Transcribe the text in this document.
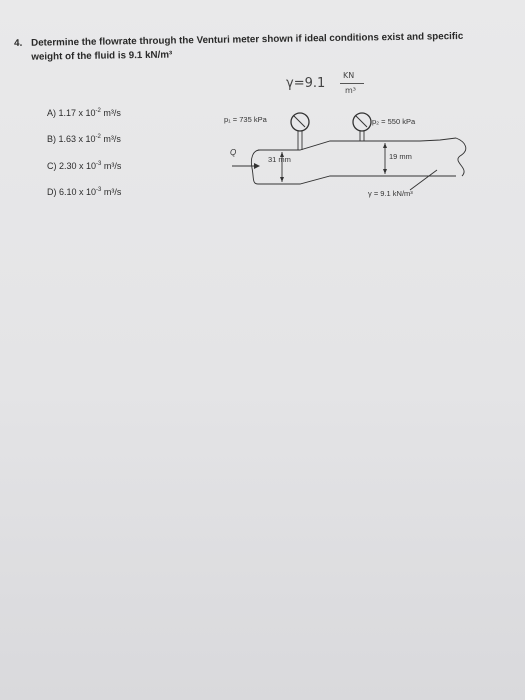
4. Determine the flowrate through the Venturi meter shown if ideal conditions exist and specific
weight of the fluid is 9.1 kN/m³
γ=9.1
KN
m³
A) 1.17 x $10^{-2}$ m³/s
B) 1.63 x $10^{-2}$ m³/s
C) 2.30 x $10^{-3}$ m³/s
D) 6.10 x $10^{-3}$ m³/s
p₁ = 735 kPa	p₂ = 550 kPa
Q
31 mm	19 mm
γ = 9.1 kN/m³
